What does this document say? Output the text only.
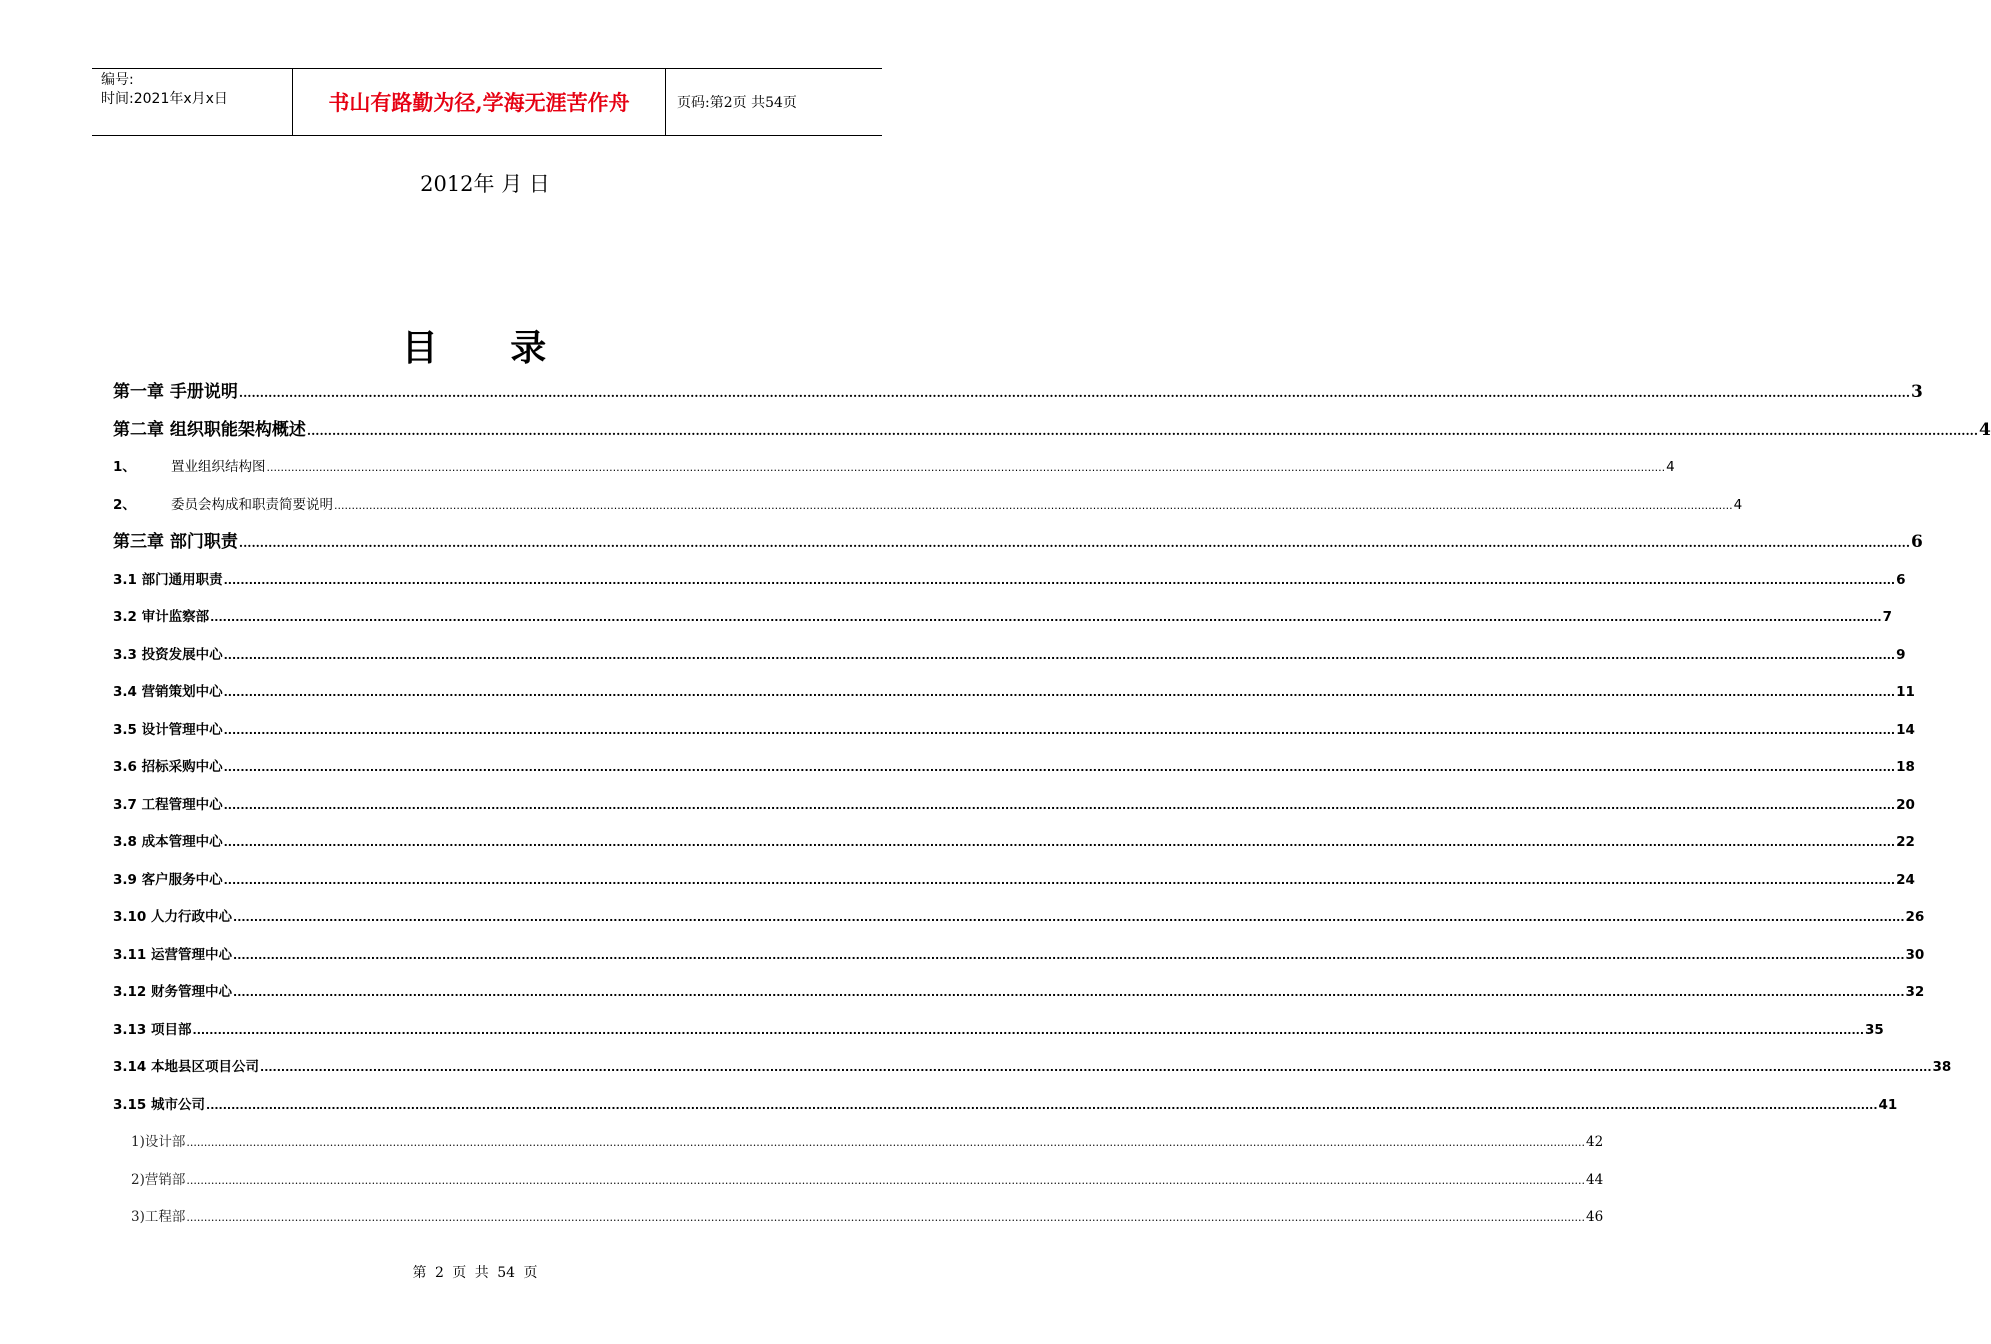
编号:
时间:2021年x月x日	书山有路勤为径,学海无涯苦作舟	页码:第2页 共54页
2012年 月 日
目 录
第一章 手册说明 ................................................................................................................................................................................................................................................................................................................................................................................................................ 3
第二章 组织职能架构概述 ................................................................................................................................................................................................................................................................................................................................................................................................................ 4
1、	置业组织结构图 ................................................................................................................................................................................................................................................................................................................................................................................................................ 4
2、	委员会构成和职责简要说明 ................................................................................................................................................................................................................................................................................................................................................................................................................ 4
第三章 部门职责 ................................................................................................................................................................................................................................................................................................................................................................................................................ 6
3.1 部门通用职责 ................................................................................................................................................................................................................................................................................................................................................................................................................ 6
3.2 审计监察部 ................................................................................................................................................................................................................................................................................................................................................................................................................ 7
3.3 投资发展中心 ................................................................................................................................................................................................................................................................................................................................................................................................................ 9
3.4 营销策划中心 ................................................................................................................................................................................................................................................................................................................................................................................................................ 11
3.5 设计管理中心 ................................................................................................................................................................................................................................................................................................................................................................................................................ 14
3.6 招标采购中心 ................................................................................................................................................................................................................................................................................................................................................................................................................ 18
3.7 工程管理中心 ................................................................................................................................................................................................................................................................................................................................................................................................................ 20
3.8 成本管理中心 ................................................................................................................................................................................................................................................................................................................................................................................................................ 22
3.9 客户服务中心 ................................................................................................................................................................................................................................................................................................................................................................................................................ 24
3.10 人力行政中心 ................................................................................................................................................................................................................................................................................................................................................................................................................ 26
3.11 运营管理中心 ................................................................................................................................................................................................................................................................................................................................................................................................................ 30
3.12 财务管理中心 ................................................................................................................................................................................................................................................................................................................................................................................................................ 32
3.13 项目部 ................................................................................................................................................................................................................................................................................................................................................................................................................ 35
3.14 本地县区项目公司 ................................................................................................................................................................................................................................................................................................................................................................................................................ 38
3.15 城市公司 ................................................................................................................................................................................................................................................................................................................................................................................................................ 41
1)设计部 ................................................................................................................................................................................................................................................................................................................................................................................................................ 42
2)营销部 ................................................................................................................................................................................................................................................................................................................................................................................................................ 44
3)工程部 ................................................................................................................................................................................................................................................................................................................................................................................................................ 46
第 2 页 共 54 页
